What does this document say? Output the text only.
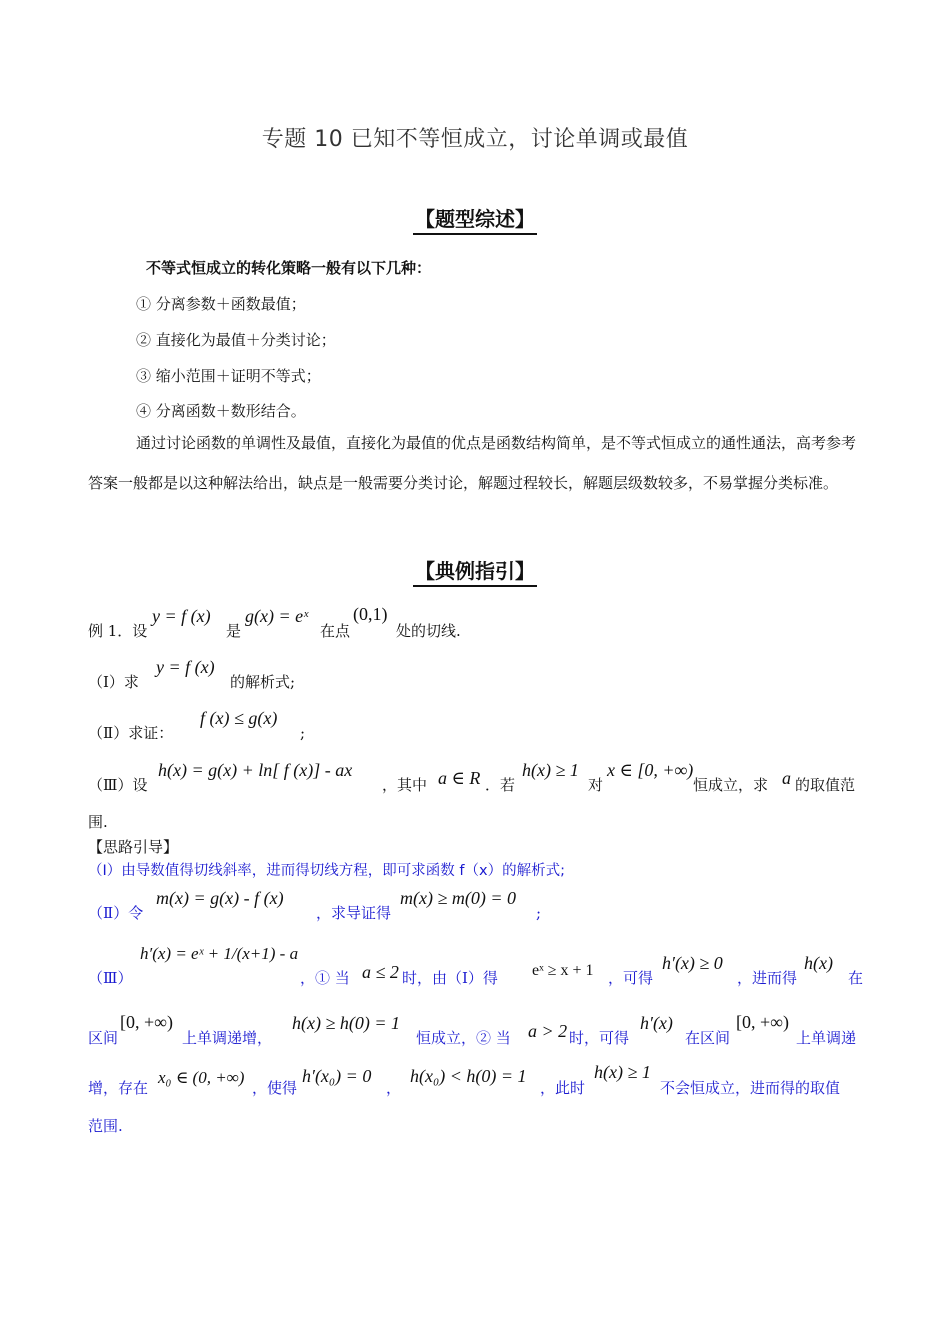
专题 10 已知不等恒成立，讨论单调或最值
【题型综述】
不等式恒成立的转化策略一般有以下几种：
① 分离参数＋函数最值；
② 直接化为最值＋分类讨论；
③ 缩小范围＋证明不等式；
④ 分离函数＋数形结合。
通过讨论函数的单调性及最值，直接化为最值的优点是函数结构简单，是不等式恒成立的通性通法，高考参考答案一般都是以这种解法给出，缺点是一般需要分类讨论，解题过程较长，解题层级数较多，不易掌握分类标准。
【典例指引】
例 1．设
y = f (x)
是
g(x) = eˣ
在点
(0,1)
处的切线.
（Ⅰ）求
y = f (x)
的解析式;
（Ⅱ）求证：
f (x) ≤ g(x)
;
（Ⅲ）设
h(x) = g(x) + ln[ f (x)] - ax
，其中 a ∈ R ．若
h(x) ≥ 1
对
x ∈ [0, +∞)
恒成立，求 a 的取值范
围.
【思路引导】
（Ⅰ）由导数值得切线斜率，进而得切线方程，即可求函数 f（x）的解析式;
（Ⅱ）令
m(x) = g(x) - f (x)
，求导证得
m(x) ≥ m(0) = 0
;
h′(x) = eˣ + 1/(x+1) - a
（Ⅲ）	，① 当 a ≤ 2 时，由（Ⅰ）得 eˣ ≥ x + 1 ，可得
h′(x) ≥ 0
，进而得
h(x)
在
区间
[0, +∞)
上单调递增，
h(x) ≥ h(0) = 1
恒成立，② 当 a > 2 时，可得
h′(x)
在区间
[0, +∞)
上单调递
增，存在
x₀ ∈ (0, +∞)
，使得
h′(x₀) = 0
，
h(x₀) < h(0) = 1
，此时
h(x) ≥ 1
不会恒成立，进而得的取值
范围.
